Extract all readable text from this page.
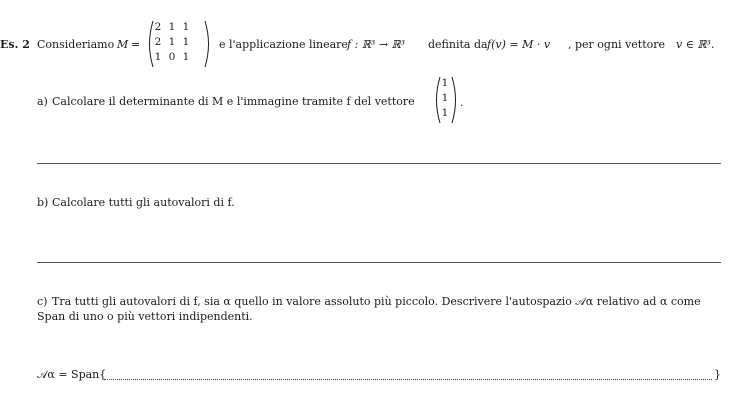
Es. 2 Consideriamo M =
2 1 1
2 1 1
1 0 1
e l'applicazione lineare f : ℝ³ → ℝ³ definita da f(v) = M · v , per ogni vettore v ∈ ℝ³.
a) Calcolare il determinante di M e l'immagine tramite f del vettore
1
1
1
.
b) Calcolare tutti gli autovalori di f.
c) Tra tutti gli autovalori di f, sia α quello in valore assoluto più piccolo. Descrivere l'autospazio 𝒜α relativo ad α come
Span di uno o più vettori indipendenti.
𝒜α = Span{	}
